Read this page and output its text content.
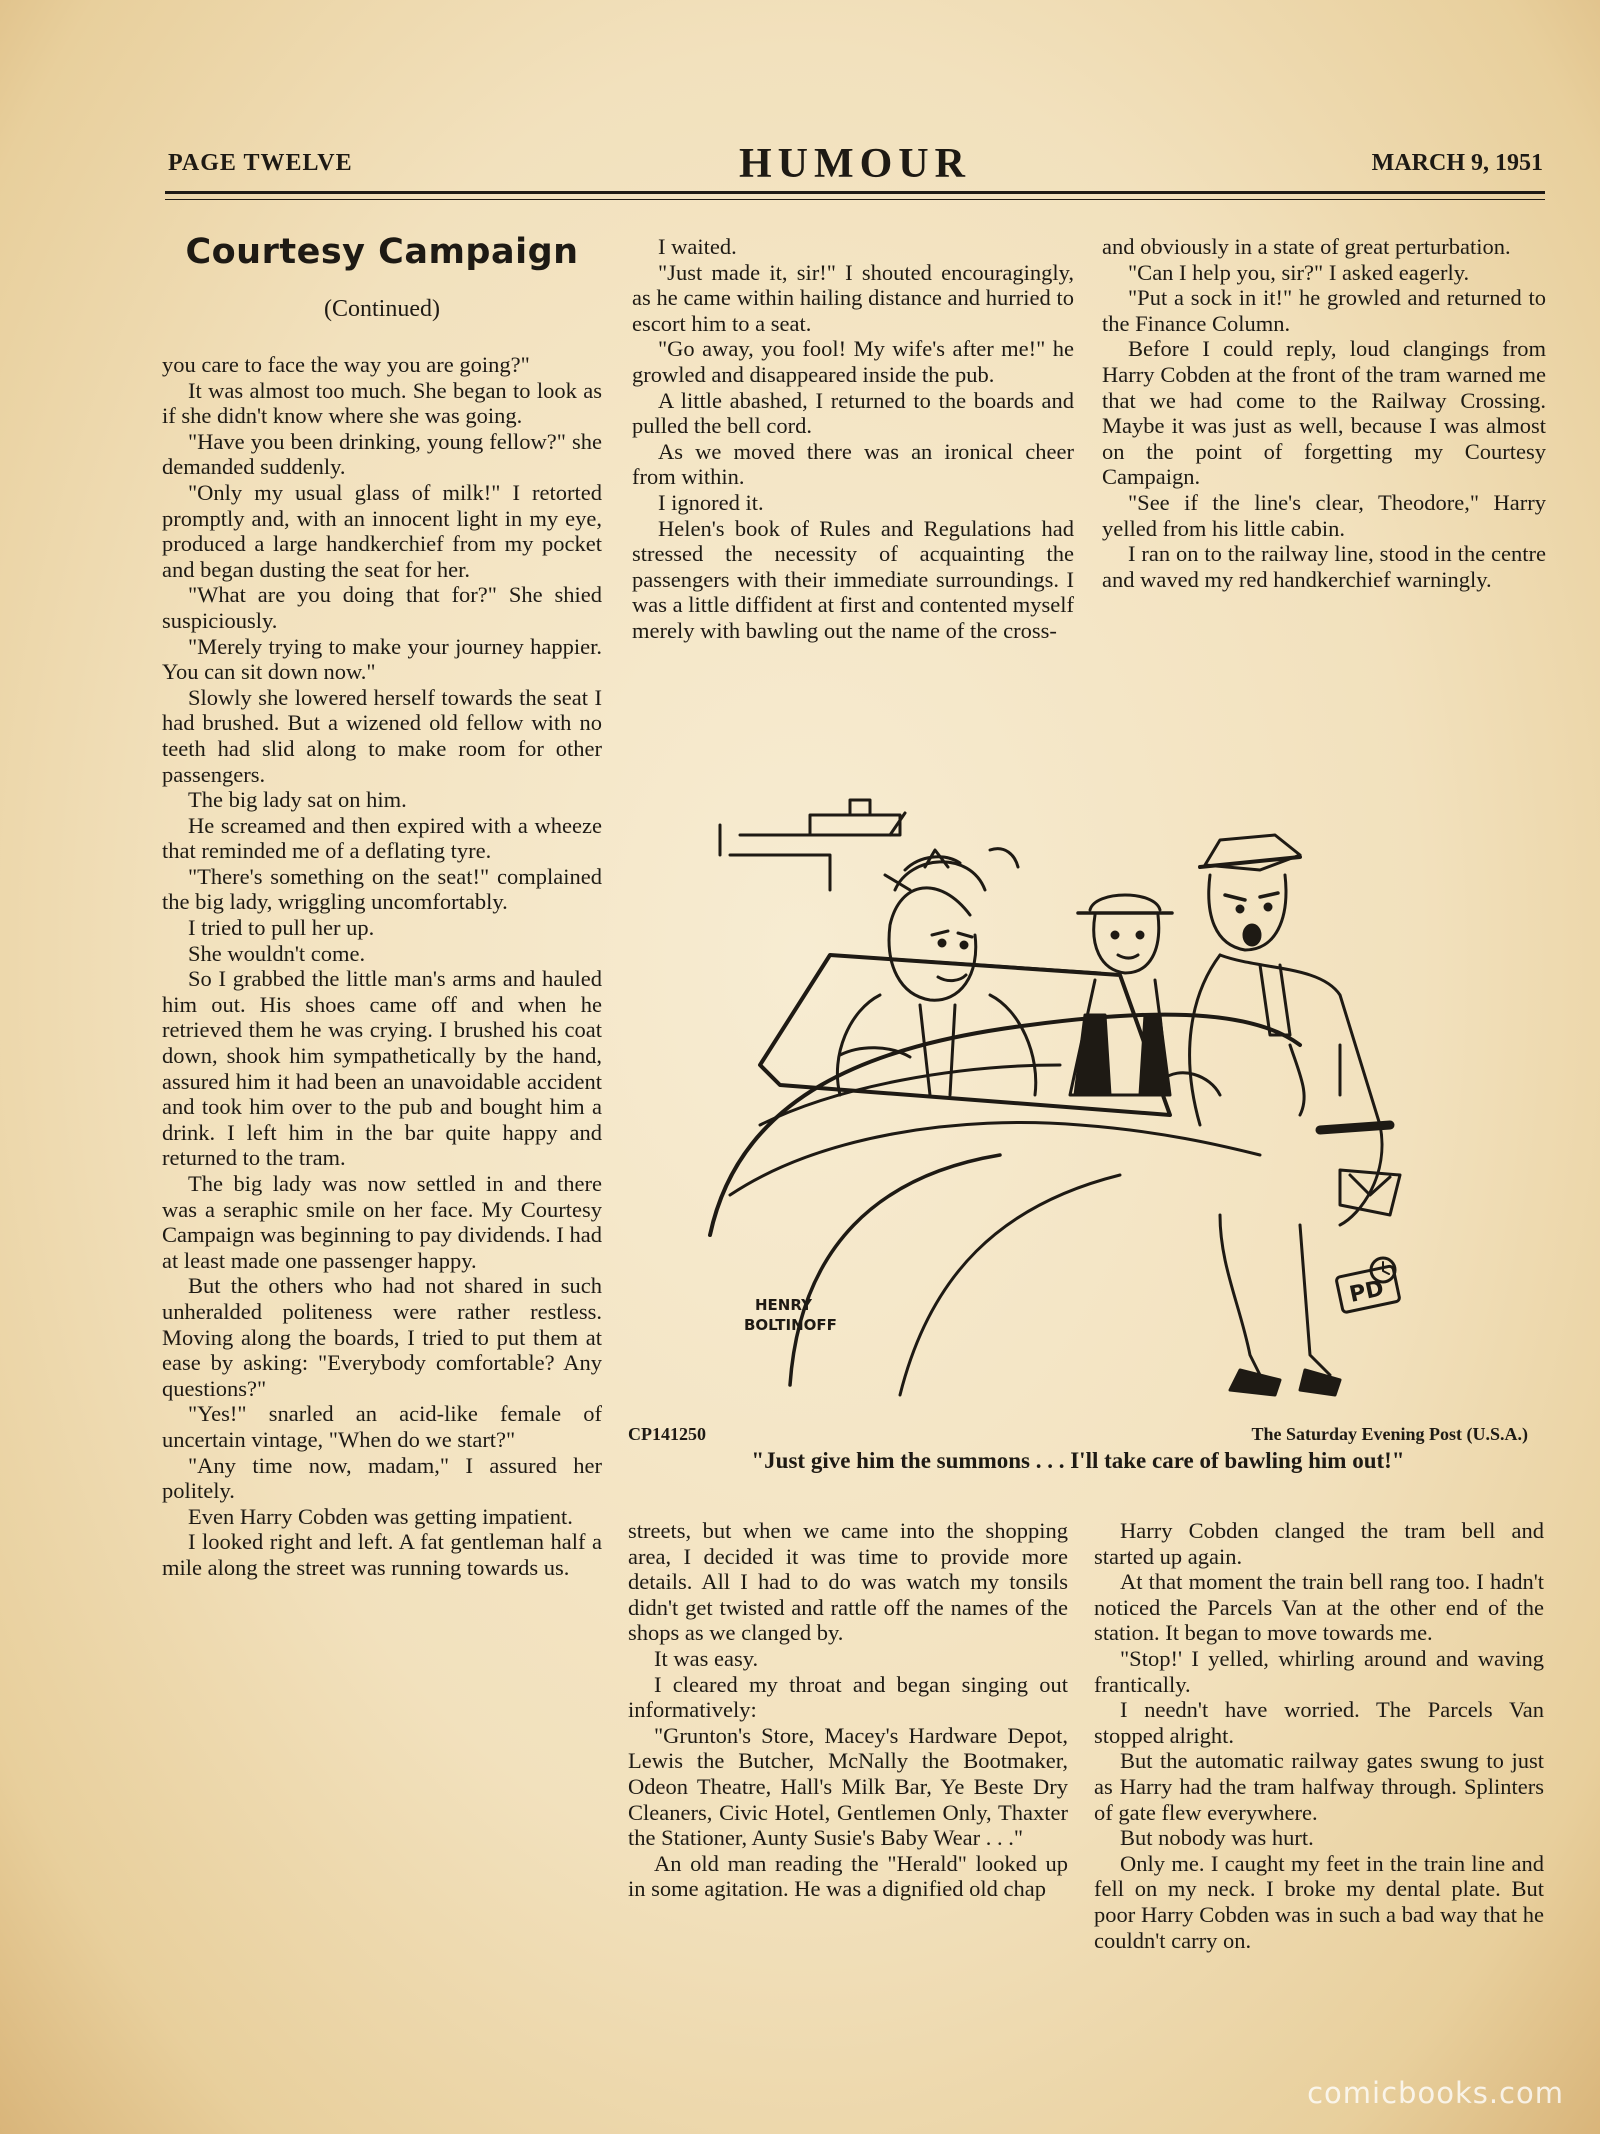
PAGE TWELVE	HUMOUR	MARCH 9, 1951
Courtesy Campaign
(Continued)

you care to face the way you are going?"

It was almost too much. She began to look as if she didn't know where she was going.

"Have you been drinking, young fellow?" she demanded suddenly.

"Only my usual glass of milk!" I retorted promptly and, with an innocent light in my eye, produced a large handkerchief from my pocket and began dusting the seat for her.

"What are you doing that for?" She shied suspiciously.

"Merely trying to make your journey happier. You can sit down now."

Slowly she lowered herself towards the seat I had brushed. But a wizened old fellow with no teeth had slid along to make room for other passengers.

The big lady sat on him.

He screamed and then expired with a wheeze that reminded me of a deflating tyre.

"There's something on the seat!" complained the big lady, wriggling uncomfortably.

I tried to pull her up.

She wouldn't come.

So I grabbed the little man's arms and hauled him out. His shoes came off and when he retrieved them he was crying. I brushed his coat down, shook him sympathetically by the hand, assured him it had been an unavoidable accident and took him over to the pub and bought him a drink. I left him in the bar quite happy and returned to the tram.

The big lady was now settled in and there was a seraphic smile on her face. My Courtesy Campaign was beginning to pay dividends. I had at least made one passenger happy.

But the others who had not shared in such unheralded politeness were rather restless. Moving along the boards, I tried to put them at ease by asking: "Everybody comfortable? Any questions?"

"Yes!" snarled an acid-like female of uncertain vintage, "When do we start?"

"Any time now, madam," I assured her politely.

Even Harry Cobden was getting impatient.

I looked right and left. A fat gentleman half a mile along the street was running towards us.

I waited.

"Just made it, sir!" I shouted encouragingly, as he came within hailing distance and hurried to escort him to a seat.

"Go away, you fool! My wife's after me!" he growled and disappeared inside the pub.

A little abashed, I returned to the boards and pulled the bell cord.

As we moved there was an ironical cheer from within.

I ignored it.

Helen's book of Rules and Regulations had stressed the necessity of acquainting the passengers with their immediate surroundings. I was a little diffident at first and contented myself merely with bawling out the name of the cross-

and obviously in a state of great perturbation.

"Can I help you, sir?" I asked eagerly.

"Put a sock in it!" he growled and returned to the Finance Column.

Before I could reply, loud clangings from Harry Cobden at the front of the tram warned me that we had come to the Railway Crossing. Maybe it was just as well, because I was almost on the point of forgetting my Courtesy Campaign.

"See if the line's clear, Theodore," Harry yelled from his little cabin.

I ran on to the railway line, stood in the centre and waved my red handkerchief warningly.

HENRY
BOLTINOFF
PD
CP141250	The Saturday Evening Post (U.S.A.)
"Just give him the summons . . . I'll take care of bawling him out!"

streets, but when we came into the shopping area, I decided it was time to provide more details. All I had to do was watch my tonsils didn't get twisted and rattle off the names of the shops as we clanged by.

It was easy.

I cleared my throat and began singing out informatively:

"Grunton's Store, Macey's Hardware Depot, Lewis the Butcher, McNally the Bootmaker, Odeon Theatre, Hall's Milk Bar, Ye Beste Dry Cleaners, Civic Hotel, Gentlemen Only, Thaxter the Stationer, Aunty Susie's Baby Wear . . ."

An old man reading the "Herald" looked up in some agitation. He was a dignified old chap

Harry Cobden clanged the tram bell and started up again.

At that moment the train bell rang too. I hadn't noticed the Parcels Van at the other end of the station. It began to move towards me.

"Stop!' I yelled, whirling around and waving frantically.

I needn't have worried. The Parcels Van stopped alright.

But the automatic railway gates swung to just as Harry had the tram halfway through. Splinters of gate flew everywhere.

But nobody was hurt.

Only me. I caught my feet in the train line and fell on my neck. I broke my dental plate. But poor Harry Cobden was in such a bad way that he couldn't carry on.

comicbooks.com
